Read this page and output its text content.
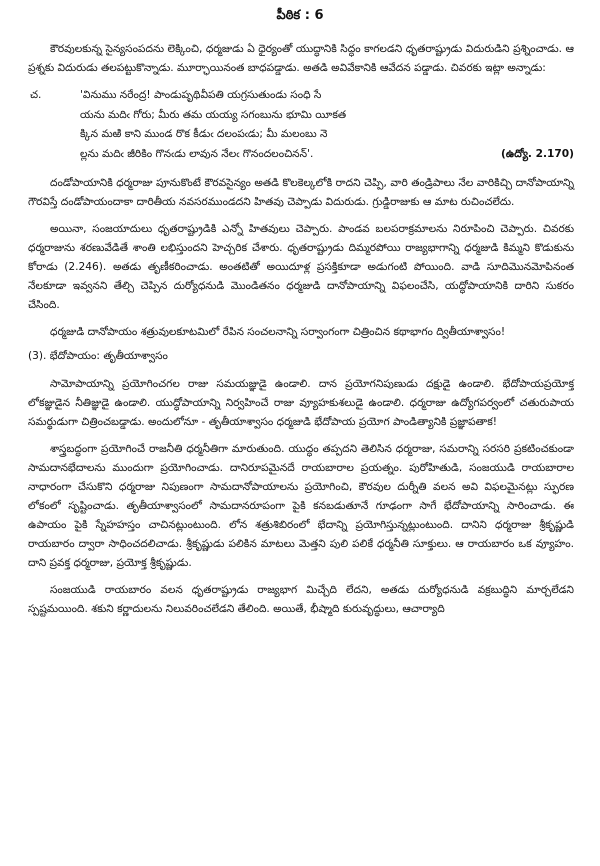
పీఠిక : 6

కౌరవులకున్న సైన్యసంపదను లెక్కించి, ధర్మజుడు ఏ ధైర్యంతో యుద్ధానికి సిద్ధం కాగలడని ధృతరాష్ట్రుడు విదురుడిని ప్రశ్నించాడు. ఆ ప్రశ్నకు విదురుడు తలపట్టుకొన్నాడు. మూర్ఛాయినంత బాధపడ్డాడు. అతడి అవివేకానికి ఆవేదన పడ్డాడు. చివరకు ఇట్లా అన్నాడు:

చ.	'వినుము నరేంద్ర! పాండుపృథివీపతి యగ్రసుతుండు సంధి సే
యను మదిఁ గోరు; మీరు తమ యయ్య సగంబును భూమి యీకత
క్కిన మఱి కాని ముండ రొక కీడుఁ దలంపఁడు; మీ మలంబు నె
ల్లను మదిఁ జీరికిం గొనఁడు లావున నేలఁ గొనందలంచినన్'.	(ఉద్యో. 2.170)

దండోపాయానికి ధర్మరాజు పూనుకొంటే కౌరవసైన్యం అతడి కొలకెల్కలోకి రాదని చెప్పి, వారి తండ్రిపాలు నేల వారికిచ్చి దానోపాయాన్ని గౌరవిస్తే దండోపాయందాకా దారితీయ నవసరముండదని హితవు చెప్పాడు విదురుడు. గ్రుడ్డిరాజుకు ఆ మాట రుచించలేదు.

అయినా, సంజయాదులు ధృతరాష్ట్రుడికి ఎన్నో హితవులు చెప్పారు. పాండవ బలపరాక్రమాలను నిరూపించి చెప్పారు. చివరకు ధర్మరాజును శరణువేడితే శాంతి లభిస్తుందని హెచ్చరిక చేశారు. ధృతరాష్ట్రుడు దిమ్మరపోయి రాజ్యభాగాన్ని ధర్మజుడి కిమ్మని కొడుకును కోరాడు (2.246). అతడు తృణీకరించాడు. అంతటితో అయిదూళ్ల ప్రసక్తికూడా అడుగంటి పోయింది. వాడి సూదిమొనమోపినంత నేలకూడా ఇవ్వనని తేల్చి చెప్పిన దుర్యోధనుడి మొండితనం ధర్మజుడి దానోపాయాన్ని విఫలంచేసి, యద్ధోపాయానికి దారిని సుకరం చేసింది.

ధర్మజుడి దానోపాయం శత్రువులకూటమిలో రేపిన సంచలనాన్ని సర్వాంగంగా చిత్రించిన కథాభాగం ద్వితీయాశ్వాసం!

(3). భేదోపాయం: తృతీయాశ్వాసం

సామోపాయాన్ని ప్రయోగించగల రాజు సమయజ్ఞుడై ఉండాలి. దాన ప్రయోగనిపుణుడు దక్షుడై ఉండాలి. భేదోపాయప్రయోక్త లోకజ్ఞుడైన నీతిజ్ఞుడై ఉండాలి. యుద్ధోపాయాన్ని నిర్వహించే రాజు వ్యూహకుశలుడై ఉండాలి. ధర్మరాజు ఉద్యోగపర్వంలో చతురుపాయ సమర్థుడుగా చిత్రించబడ్డాడు. అందులోనూ - తృతీయాశ్వాసం ధర్మజుడి భేదోపాయ ప్రయోగ పాండిత్యానికి ప్రజ్ఞాపతాక!

శాస్త్రబద్ధంగా ప్రయోగించే రాజనీతి ధర్మనీతిగా మారుతుంది. యుద్ధం తప్పదని తెలిసిన ధర్మరాజు, సమరాన్ని సరసరి ప్రకటించకుండా సామదానభేదాలను ముందుగా ప్రయోగించాడు. దానిరూపమైనదే రాయబారాల ప్రయత్నం. పురోహితుడి, సంజయుడి రాయబారాల నాధారంగా చేసుకొని ధర్మరాజు నిపుణంగా సామదానోపాయాలను ప్రయోగించి, కౌరవుల దుర్నీతి వలన అవి విఫలమైనట్లు స్ఫురణ లోకంలో సృష్టించాడు. తృతీయాశ్వాసంలో సామదానరూపంగా పైకి కనబడుతూనే గూఢంగా సాగే భేదోపాయాన్ని సారించాడు. ఈ ఉపాయం పైకి స్నేహహస్తం చాచినట్లుంటుంది. లోన శత్రుశిబిరంలో భేదాన్ని ప్రయోగిస్తున్నట్లుంటుంది. దానిని ధర్మరాజు శ్రీకృష్ణుడి రాయబారం ద్వారా సాధించదలిచాడు. శ్రీకృష్ణుడు పలికిన మాటలు మెత్తని పులి పలికే ధర్మనీతి సూక్తులు. ఆ రాయబారం ఒక వ్యూహం. దాని ప్రవక్త ధర్మరాజు, ప్రయోక్త శ్రీకృష్ణుడు.

సంజయుడి రాయబారం వలన ధృతరాష్ట్రుడు రాజ్యభాగ మిచ్చేది లేదని, అతడు దుర్యోధనుడి వక్రబుద్ధిని మార్చలేడని స్పష్టమయింది. శకుని కర్ణాదులను నిలువరించలేడని తేలింది. అయితే, భీష్మాది కురువృద్ధులు, ఆచార్యాది
